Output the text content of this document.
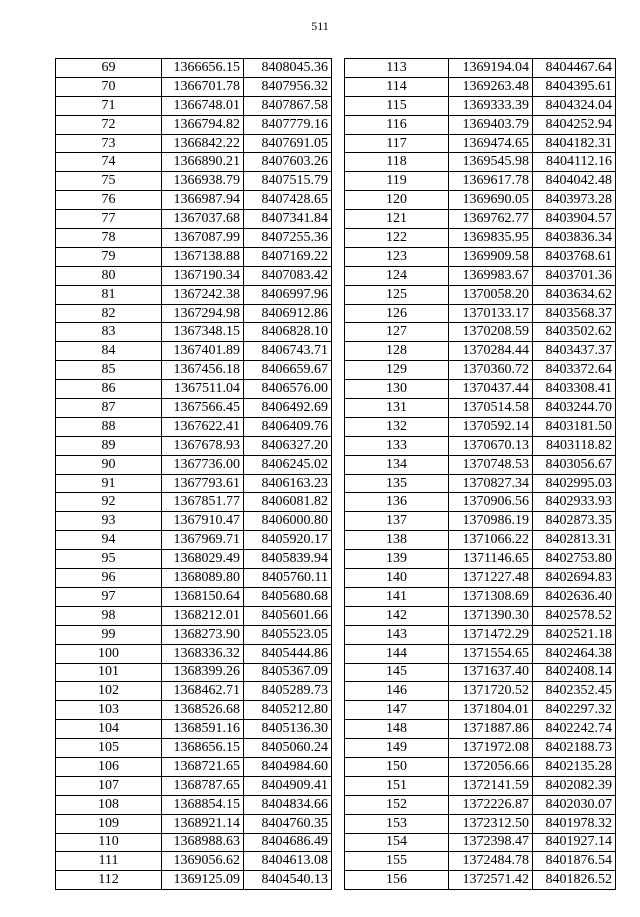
511
69	1366656.15	8408045.36
70	1366701.78	8407956.32
71	1366748.01	8407867.58
72	1366794.82	8407779.16
73	1366842.22	8407691.05
74	1366890.21	8407603.26
75	1366938.79	8407515.79
76	1366987.94	8407428.65
77	1367037.68	8407341.84
78	1367087.99	8407255.36
79	1367138.88	8407169.22
80	1367190.34	8407083.42
81	1367242.38	8406997.96
82	1367294.98	8406912.86
83	1367348.15	8406828.10
84	1367401.89	8406743.71
85	1367456.18	8406659.67
86	1367511.04	8406576.00
87	1367566.45	8406492.69
88	1367622.41	8406409.76
89	1367678.93	8406327.20
90	1367736.00	8406245.02
91	1367793.61	8406163.23
92	1367851.77	8406081.82
93	1367910.47	8406000.80
94	1367969.71	8405920.17
95	1368029.49	8405839.94
96	1368089.80	8405760.11
97	1368150.64	8405680.68
98	1368212.01	8405601.66
99	1368273.90	8405523.05
100	1368336.32	8405444.86
101	1368399.26	8405367.09
102	1368462.71	8405289.73
103	1368526.68	8405212.80
104	1368591.16	8405136.30
105	1368656.15	8405060.24
106	1368721.65	8404984.60
107	1368787.65	8404909.41
108	1368854.15	8404834.66
109	1368921.14	8404760.35
110	1368988.63	8404686.49
111	1369056.62	8404613.08
112	1369125.09	8404540.13
113	1369194.04	8404467.64
114	1369263.48	8404395.61
115	1369333.39	8404324.04
116	1369403.79	8404252.94
117	1369474.65	8404182.31
118	1369545.98	8404112.16
119	1369617.78	8404042.48
120	1369690.05	8403973.28
121	1369762.77	8403904.57
122	1369835.95	8403836.34
123	1369909.58	8403768.61
124	1369983.67	8403701.36
125	1370058.20	8403634.62
126	1370133.17	8403568.37
127	1370208.59	8403502.62
128	1370284.44	8403437.37
129	1370360.72	8403372.64
130	1370437.44	8403308.41
131	1370514.58	8403244.70
132	1370592.14	8403181.50
133	1370670.13	8403118.82
134	1370748.53	8403056.67
135	1370827.34	8402995.03
136	1370906.56	8402933.93
137	1370986.19	8402873.35
138	1371066.22	8402813.31
139	1371146.65	8402753.80
140	1371227.48	8402694.83
141	1371308.69	8402636.40
142	1371390.30	8402578.52
143	1371472.29	8402521.18
144	1371554.65	8402464.38
145	1371637.40	8402408.14
146	1371720.52	8402352.45
147	1371804.01	8402297.32
148	1371887.86	8402242.74
149	1371972.08	8402188.73
150	1372056.66	8402135.28
151	1372141.59	8402082.39
152	1372226.87	8402030.07
153	1372312.50	8401978.32
154	1372398.47	8401927.14
155	1372484.78	8401876.54
156	1372571.42	8401826.52
